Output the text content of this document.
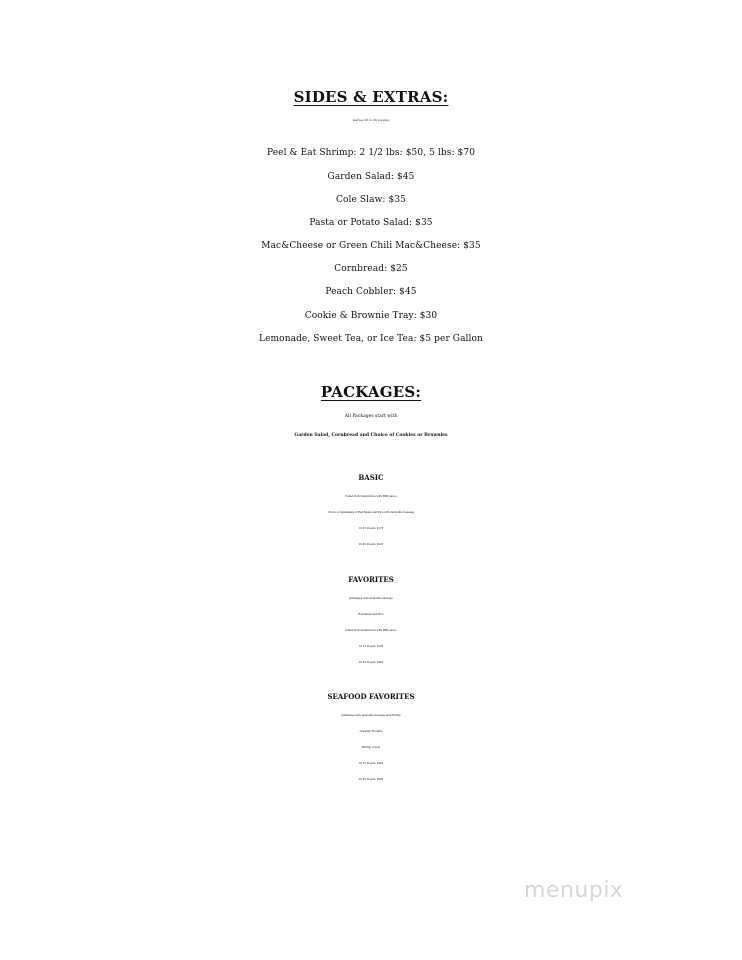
SIDES & EXTRAS:
(serves 25 to 30 people)
Peel & Eat Shrimp: 2 1/2 lbs: $50, 5 lbs: $70
Garden Salad: $45
Cole Slaw: $35
Pasta or Potato Salad: $35
Mac&Cheese or Green Chili Mac&Cheese: $35
Cornbread: $25
Peach Cobbler: $45
Cookie & Brownie Tray: $30
Lemonade, Sweet Tea, or Ice Tea: $5 per Gallon
PACKAGES:
All Packages start with
Garden Salad, Cornbread and Choice of Cookies or Brownies
BASIC
Pulled Pork Sandwiches with BBQ sauce
Choice of Jambalaya or Red Beans and Rice with Andouille Sausage
10-15 People: $175
20-25 People: $225
FAVORITES
Jambalaya with Andouille Sausage
Red Beans and Rice
Pulled Pork Sandwiches with BBQ sauce
10-15 People: $195
20-25 People: $245
SEAFOOD FAVORITES
Jambalaya with Andouille Sausage and Shrimp
Crawfish Étouffée
Shrimp Creole
10-15 People: $245
20-25 People: $300
menupix
